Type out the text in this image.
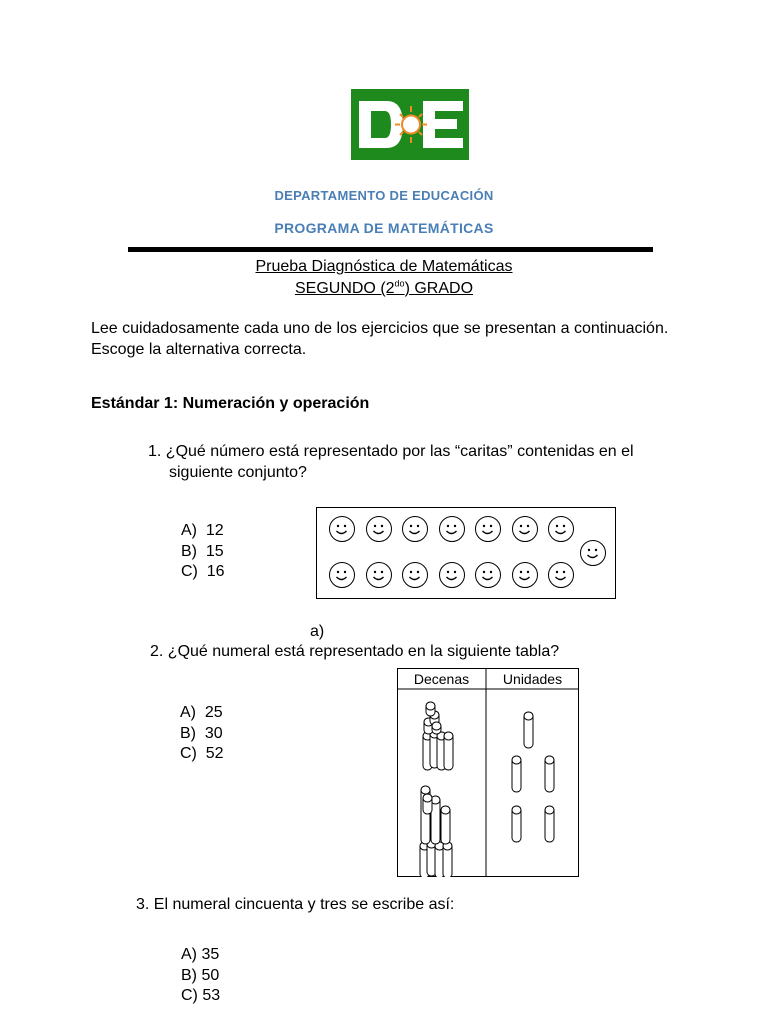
DEPARTAMENTO DE EDUCACIÓN
PROGRAMA DE MATEMÁTICAS
Prueba Diagnóstica de Matemáticas
SEGUNDO $(2^{do})$ GRADO
Lee cuidadosamente cada uno de los ejercicios que se presentan a continuación.
Escoge la alternativa correcta.
Estándar 1: Numeración y operación
1. ¿Qué número está representado por las “caritas” contenidas en el
siguiente conjunto?
A)  12
B)  15
C)  16
a)
2. ¿Qué numeral está representado en la siguiente tabla?
A)  25
B)  30
C)  52
Decenas Unidades
3. El numeral cincuenta y tres se escribe así:
A) 35
B) 50
C) 53
